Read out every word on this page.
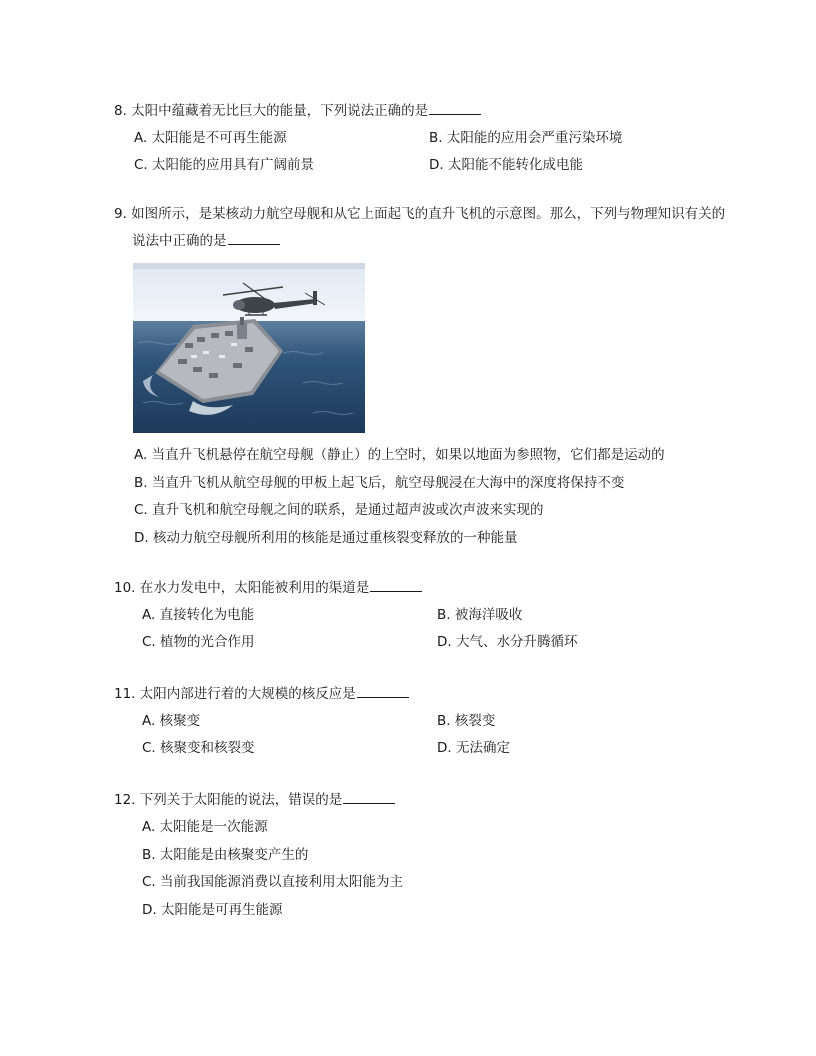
8. 太阳中蕴藏着无比巨大的能量，下列说法正确的是
A. 太阳能是不可再生能源	B. 太阳能的应用会严重污染环境
C. 太阳能的应用具有广阔前景	D. 太阳能不能转化成电能
9. 如图所示，是某核动力航空母舰和从它上面起飞的直升飞机的示意图。那么，下列与物理知识有关的说法中正确的是
A. 当直升飞机悬停在航空母舰（静止）的上空时，如果以地面为参照物，它们都是运动的
B. 当直升飞机从航空母舰的甲板上起飞后，航空母舰浸在大海中的深度将保持不变
C. 直升飞机和航空母舰之间的联系，是通过超声波或次声波来实现的
D. 核动力航空母舰所利用的核能是通过重核裂变释放的一种能量
10. 在水力发电中，太阳能被利用的渠道是
A. 直接转化为电能	B. 被海洋吸收
C. 植物的光合作用	D. 大气、水分升腾循环
11. 太阳内部进行着的大规模的核反应是
A. 核聚变	B. 核裂变
C. 核聚变和核裂变	D. 无法确定
12. 下列关于太阳能的说法，错误的是
A. 太阳能是一次能源
B. 太阳能是由核聚变产生的
C. 当前我国能源消费以直接利用太阳能为主
D. 太阳能是可再生能源
